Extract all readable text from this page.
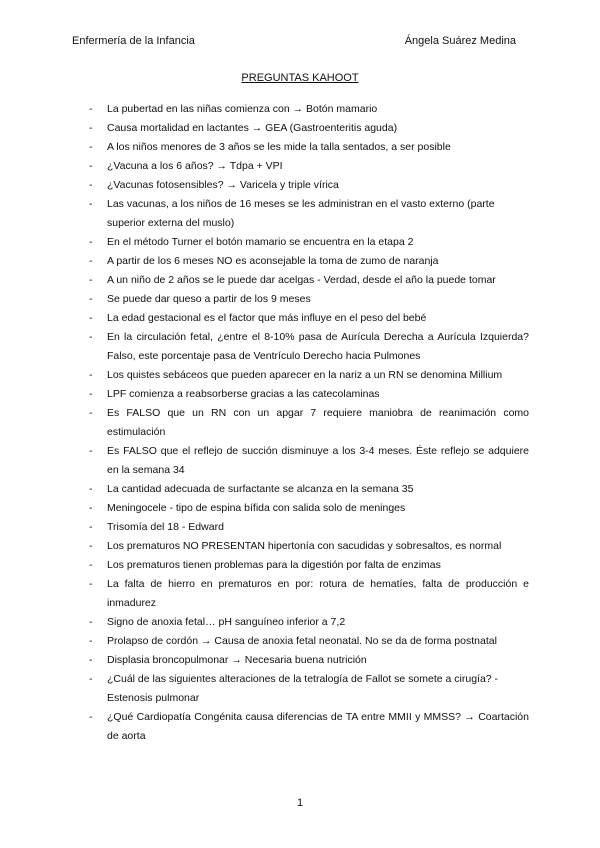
Enfermería de la Infancia	Ángela Suárez Medina
PREGUNTAS KAHOOT
- La pubertad en las niñas comienza con → Botón mamario
- Causa mortalidad en lactantes → GEA (Gastroenteritis aguda)
- A los niños menores de 3 años se les mide la talla sentados, a ser posible
- ¿Vacuna a los 6 años? → Tdpa + VPI
- ¿Vacunas fotosensibles? → Varicela y triple vírica
- Las vacunas, a los niños de 16 meses se les administran en el vasto externo (parte superior externa del muslo)
- En el método Turner el botón mamario se encuentra en la etapa 2
- A partir de los 6 meses NO es aconsejable la toma de zumo de naranja
- A un niño de 2 años se le puede dar acelgas - Verdad, desde el año la puede tomar
- Se puede dar queso a partir de los 9 meses
- La edad gestacional es el factor que más influye en el peso del bebé
- En la circulación fetal, ¿entre el 8-10% pasa de Aurícula Derecha a Aurícula Izquierda? Falso, este porcentaje pasa de Ventrículo Derecho hacia Pulmones
- Los quistes sebáceos que pueden aparecer en la nariz a un RN se denomina Millium
- LPF comienza a reabsorberse gracias a las catecolaminas
- Es FALSO que un RN con un apgar 7 requiere maniobra de reanimación como estimulación
- Es FALSO que el reflejo de succión disminuye a los 3-4 meses. Éste reflejo se adquiere en la semana 34
- La cantidad adecuada de surfactante se alcanza en la semana 35
- Meningocele - tipo de espina bífida con salida solo de meninges
- Trisomía del 18 - Edward
- Los prematuros NO PRESENTAN hipertonía con sacudidas y sobresaltos, es normal
- Los prematuros tienen problemas para la digestión por falta de enzimas
- La falta de hierro en prematuros en por: rotura de hematíes, falta de producción e inmadurez
- Signo de anoxia fetal… pH sanguíneo inferior a 7,2
- Prolapso de cordón → Causa de anoxia fetal neonatal. No se da de forma postnatal
- Displasia broncopulmonar → Necesaria buena nutrición
- ¿Cuál de las siguientes alteraciones de la tetralogía de Fallot se somete a cirugía? - Estenosis pulmonar
- ¿Qué Cardiopatía Congénita causa diferencias de TA entre MMII y MMSS? → Coartación de aorta
1
